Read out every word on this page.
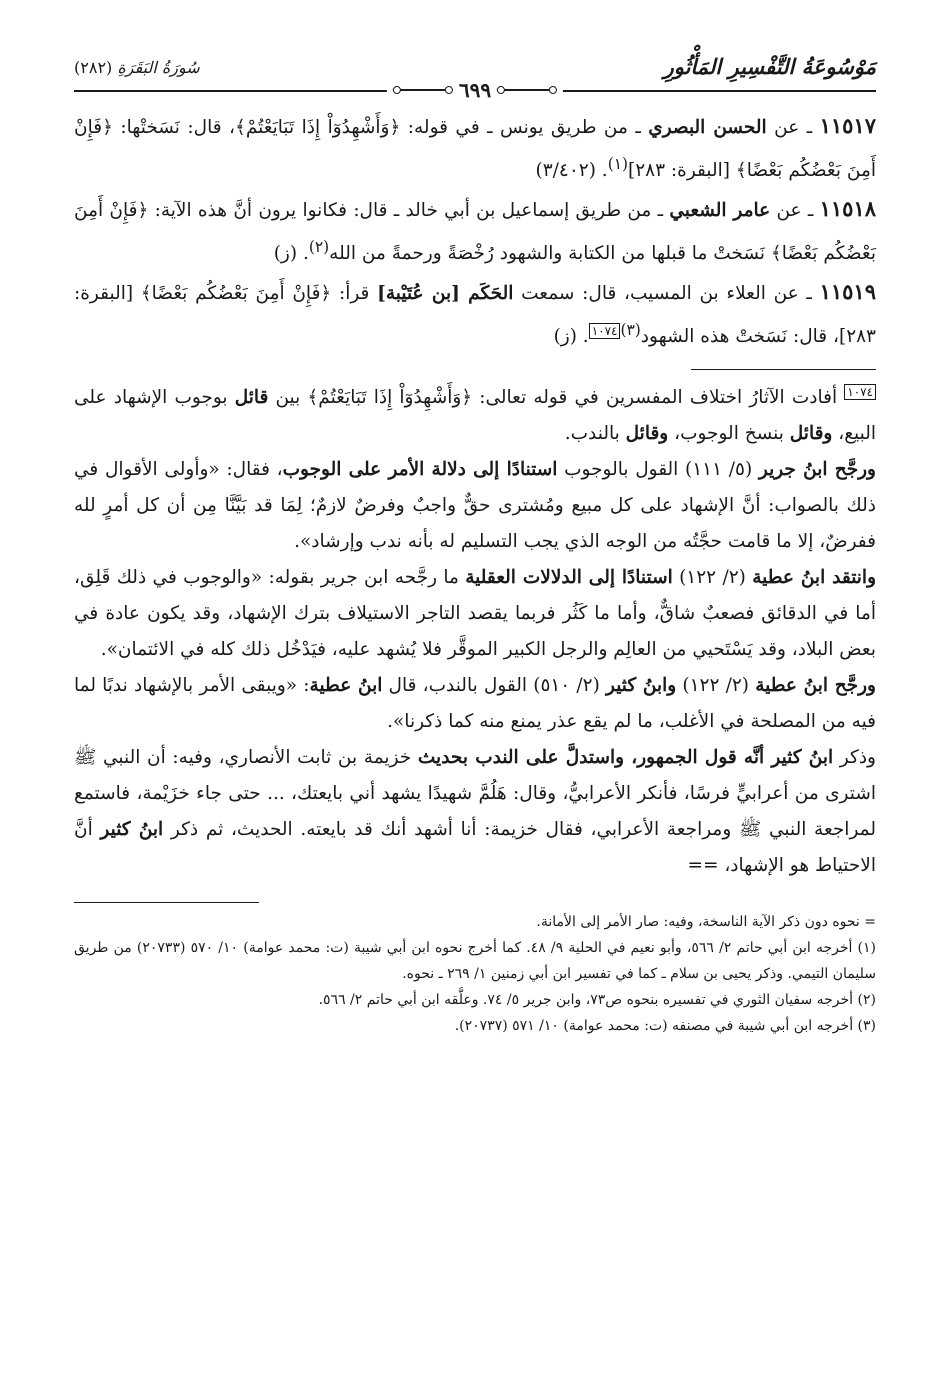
مَوْسُوعَةُ التَّفْسِيرِ المَأْثُورِ
٦٩٩
سُورَةُ البَقَرَةِ (٢٨٢)

١١٥١٧ ـ عن الحسن البصري ـ من طريق يونس ـ في قوله: ﴿وَأَشْهِدُوٓاْ إِذَا تَبَايَعْتُمْ﴾، قال: نَسَختْها: ﴿فَإِنْ أَمِنَ بَعْضُكُم بَعْضًا﴾ [البقرة: ٢٨٣]$^{(١)}$. (٣/٤٠٢)

١١٥١٨ ـ عن عامر الشعبي ـ من طريق إسماعيل بن أبي خالد ـ قال: فكانوا يرون أنَّ هذه الآية: ﴿فَإِنْ أَمِنَ بَعْضُكُم بَعْضًا﴾ نَسَختْ ما قبلها من الكتابة والشهود رُخْصَةً ورحمةً من الله$^{(٢)}$. (ز)

١١٥١٩ ـ عن العلاء بن المسيب، قال: سمعت الحَكَم [بن عُتَيْبة] قرأ: ﴿فَإِنْ أَمِنَ بَعْضُكُم بَعْضًا﴾ [البقرة: ٢٨٣]، قال: نَسَختْ هذه الشهود$^{(٣)}$١٠٧٤. (ز)

١٠٧٤ أفادت الآثارُ اختلاف المفسرين في قوله تعالى: ﴿وَأَشْهِدُوٓاْ إِذَا تَبَايَعْتُمْ﴾ بين قائل بوجوب الإشهاد على البيع، وقائل بنسخ الوجوب، وقائل بالندب.

ورجَّح ابنُ جرير (٥/ ١١١) القول بالوجوب استنادًا إلى دلالة الأمر على الوجوب، فقال: «وأولى الأقوال في ذلك بالصواب: أنَّ الإشهاد على كل مبيع ومُشترى حقٌّ واجبٌ وفرضٌ لازمٌ؛ لِمَا قد بَيَّنَّا مِن أن كل أمرٍ لله ففرضٌ، إلا ما قامت حجَّتُه من الوجه الذي يجب التسليم له بأنه ندب وإرشاد».

وانتقد ابنُ عطية (٢/ ١٢٢) استنادًا إلى الدلالات العقلية ما رجَّحه ابن جرير بقوله: «والوجوب في ذلك قَلِق، أما في الدقائق فصعبٌ شاقٌّ، وأما ما كَثُر فربما يقصد التاجر الاستيلاف بترك الإشهاد، وقد يكون عادة في بعض البلاد، وقد يَسْتَحيي من العالِم والرجل الكبير الموقَّر فلا يُشهد عليه، فيَدْخُل ذلك كله في الائتمان».

ورجَّح ابنُ عطية (٢/ ١٢٢) وابنُ كثير (٢/ ٥١٠) القول بالندب، قال ابنُ عطية: «ويبقى الأمر بالإشهاد ندبًا لما فيه من المصلحة في الأغلب، ما لم يقع عذر يمنع منه كما ذكرنا».

وذكر ابنُ كثير أنَّه قول الجمهور، واستدلَّ على الندب بحديث خزيمة بن ثابت الأنصاري، وفيه: أن النبي ﷺ اشترى من أعرابيٍّ فرسًا، فأنكر الأعرابيُّ، وقال: هَلُمَّ شهيدًا يشهد أني بايعتك، ... حتى جاء خزَيْمة، فاستمع لمراجعة النبي ﷺ ومراجعة الأعرابي، فقال خزيمة: أنا أشهد أنك قد بايعته. الحديث، ثم ذكر ابنُ كثير أنَّ الاحتياط هو الإشهاد، ==

= نحوه دون ذكر الآية الناسخة، وفيه: صار الأمر إلى الأمانة.

(١) أخرجه ابن أبي حاتم ٢/ ٥٦٦، وأبو نعيم في الحلية ٩/ ٤٨. كما أخرج نحوه ابن أبي شيبة (ت: محمد عوامة) ١٠/ ٥٧٠ (٢٠٧٣٣) من طريق سليمان التيمي. وذكر يحيى بن سلام ـ كما في تفسير ابن أبي زمنين ١/ ٢٦٩ ـ نحوه.

(٢) أخرجه سفيان الثوري في تفسيره بنحوه ص٧٣، وابن جرير ٥/ ٧٤. وعلَّقه ابن أبي حاتم ٢/ ٥٦٦.

(٣) أخرجه ابن أبي شيبة في مصنفه (ت: محمد عوامة) ١٠/ ٥٧١ (٢٠٧٣٧).
